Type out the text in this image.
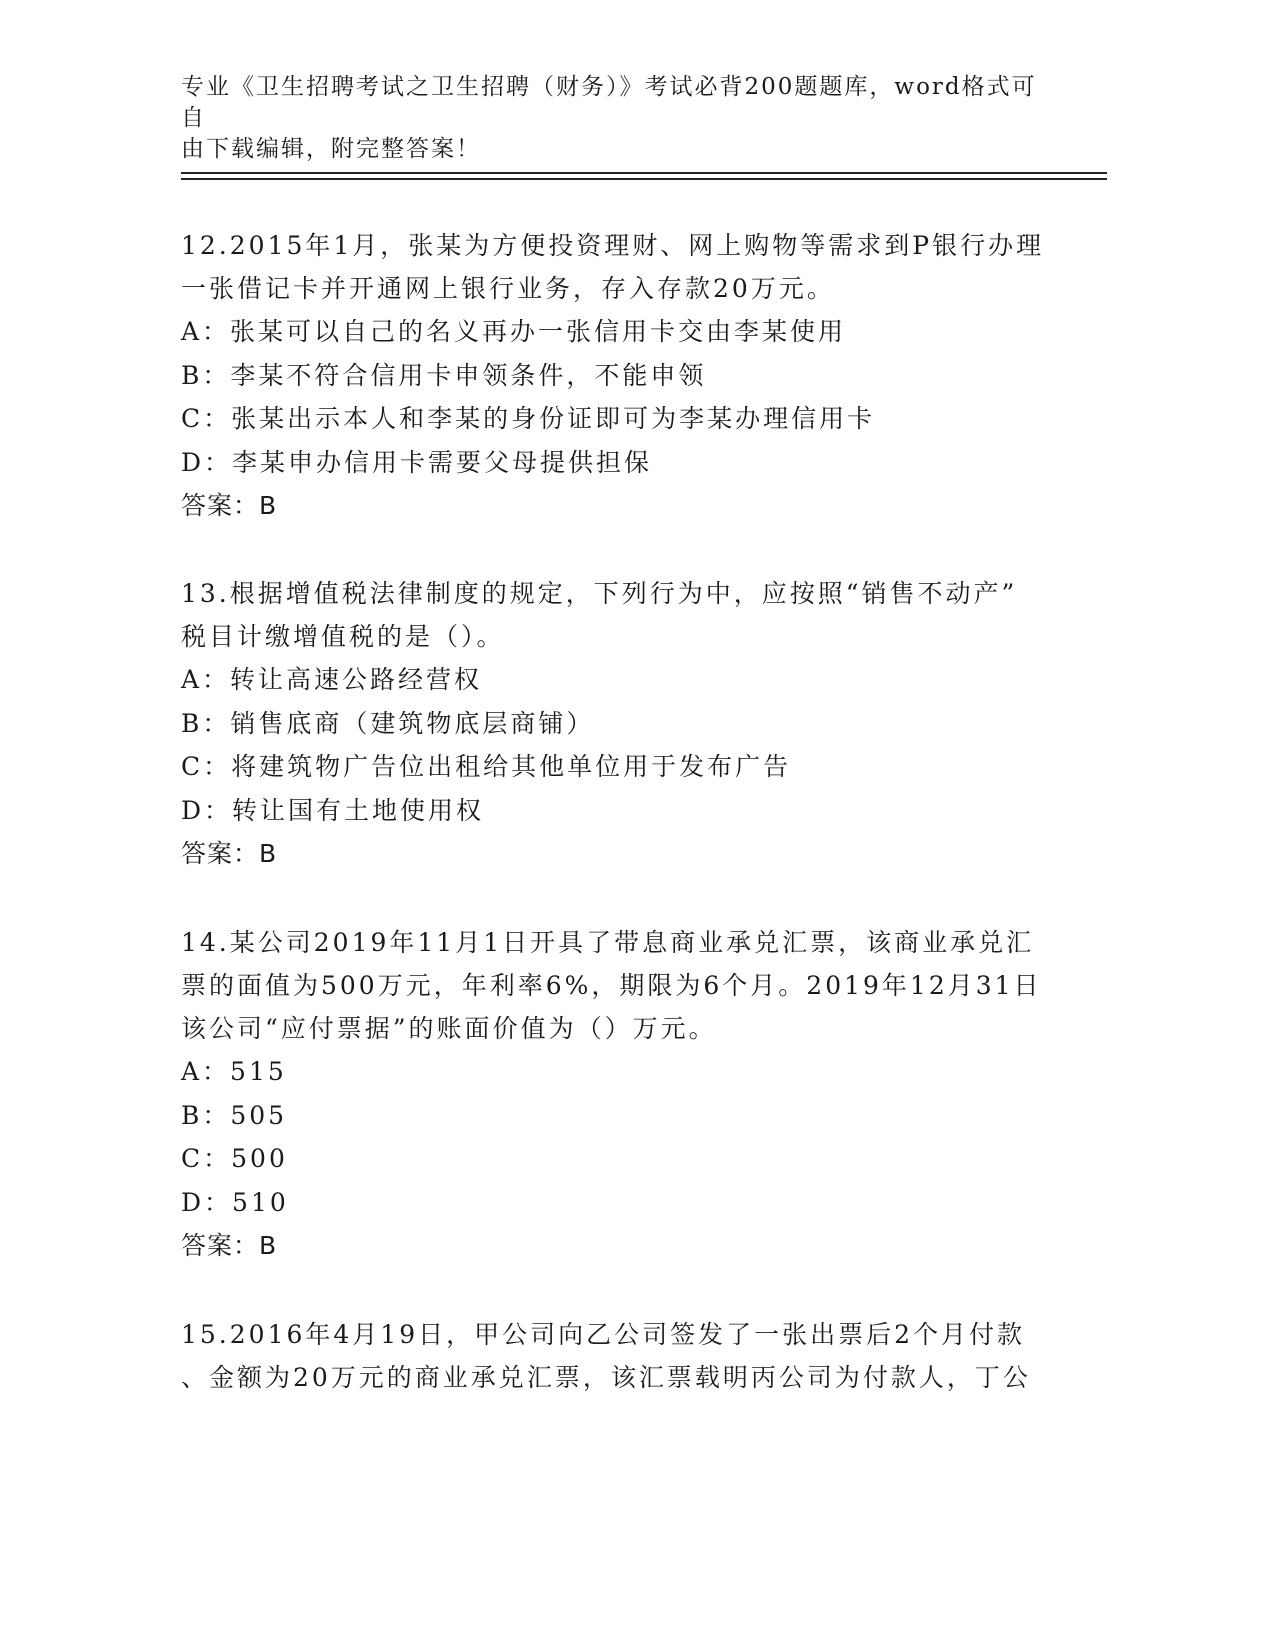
专业《卫生招聘考试之卫生招聘（财务）》考试必背200题题库，word格式可自
由下载编辑，附完整答案！

12.2015年1月，张某为方便投资理财、网上购物等需求到P银行办理

一张借记卡并开通网上银行业务，存入存款20万元。

A：张某可以自己的名义再办一张信用卡交由李某使用

B：李某不符合信用卡申领条件，不能申领

C：张某出示本人和李某的身份证即可为李某办理信用卡

D：李某申办信用卡需要父母提供担保

答案：B

13.根据增值税法律制度的规定，下列行为中，应按照“销售不动产”

税目计缴增值税的是（）。

A：转让高速公路经营权

B：销售底商（建筑物底层商铺）

C：将建筑物广告位出租给其他单位用于发布广告

D：转让国有土地使用权

答案：B

14.某公司2019年11月1日开具了带息商业承兑汇票，该商业承兑汇

票的面值为500万元，年利率6%，期限为6个月。2019年12月31日

该公司“应付票据”的账面价值为（）万元。

A：515

B：505

C：500

D：510

答案：B

15.2016年4月19日，甲公司向乙公司签发了一张出票后2个月付款

、金额为20万元的商业承兑汇票，该汇票载明丙公司为付款人，丁公
